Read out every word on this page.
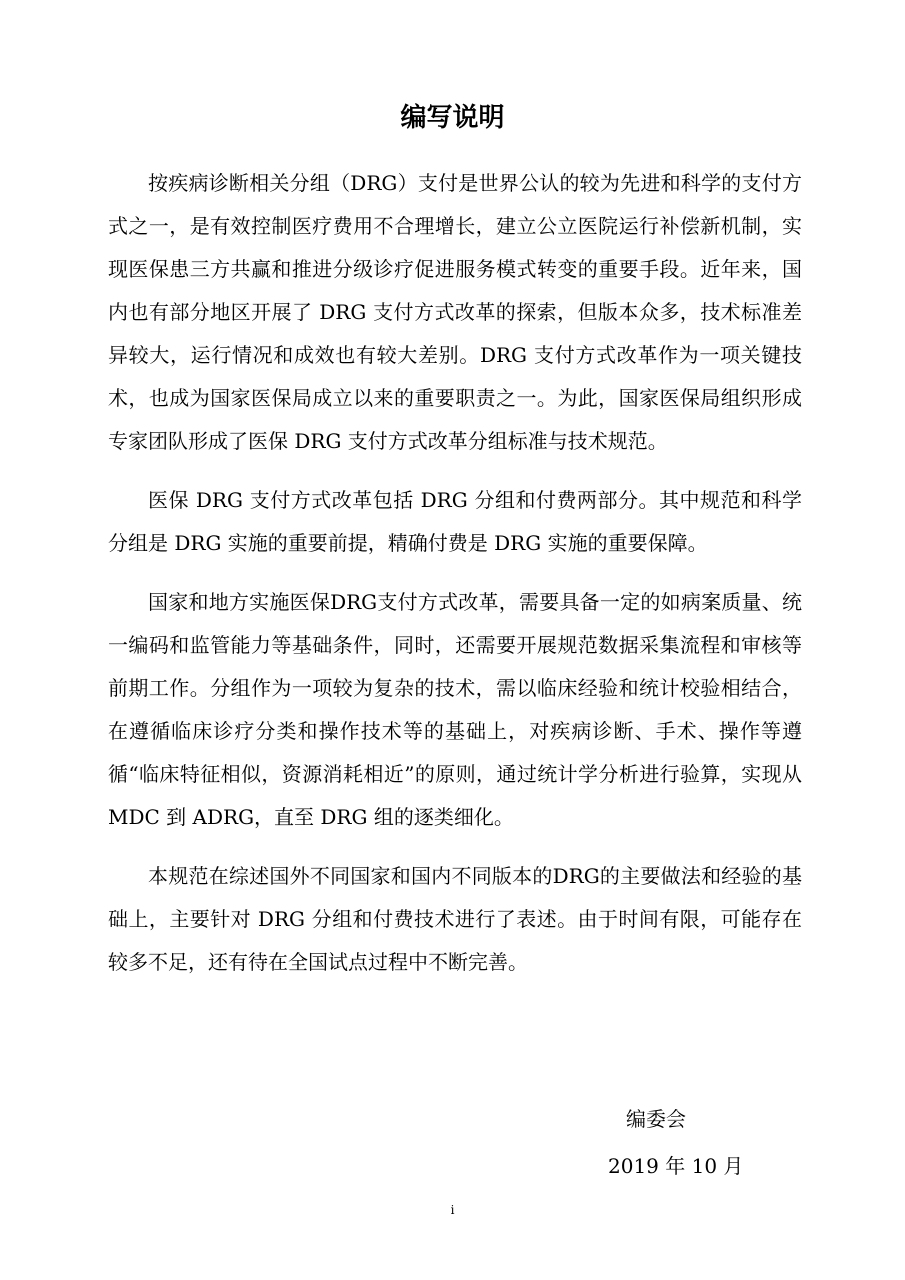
编写说明

按疾病诊断相关分组（DRG）支付是世界公认的较为先进和科学的支付方式之一，是有效控制医疗费用不合理增长，建立公立医院运行补偿新机制，实现医保患三方共赢和推进分级诊疗促进服务模式转变的重要手段。近年来，国内也有部分地区开展了 DRG 支付方式改革的探索，但版本众多，技术标准差异较大，运行情况和成效也有较大差别。DRG 支付方式改革作为一项关键技术，也成为国家医保局成立以来的重要职责之一。为此，国家医保局组织形成专家团队形成了医保 DRG 支付方式改革分组标准与技术规范。

医保 DRG 支付方式改革包括 DRG 分组和付费两部分。其中规范和科学分组是 DRG 实施的重要前提，精确付费是 DRG 实施的重要保障。

国家和地方实施医保DRG支付方式改革，需要具备一定的如病案质量、统一编码和监管能力等基础条件，同时，还需要开展规范数据采集流程和审核等前期工作。分组作为一项较为复杂的技术，需以临床经验和统计校验相结合，在遵循临床诊疗分类和操作技术等的基础上，对疾病诊断、手术、操作等遵循“临床特征相似，资源消耗相近”的原则，通过统计学分析进行验算，实现从 MDC 到 ADRG，直至 DRG 组的逐类细化。

本规范在综述国外不同国家和国内不同版本的DRG的主要做法和经验的基础上，主要针对 DRG 分组和付费技术进行了表述。由于时间有限，可能存在较多不足，还有待在全国试点过程中不断完善。

编委会
2019 年 10 月
i
